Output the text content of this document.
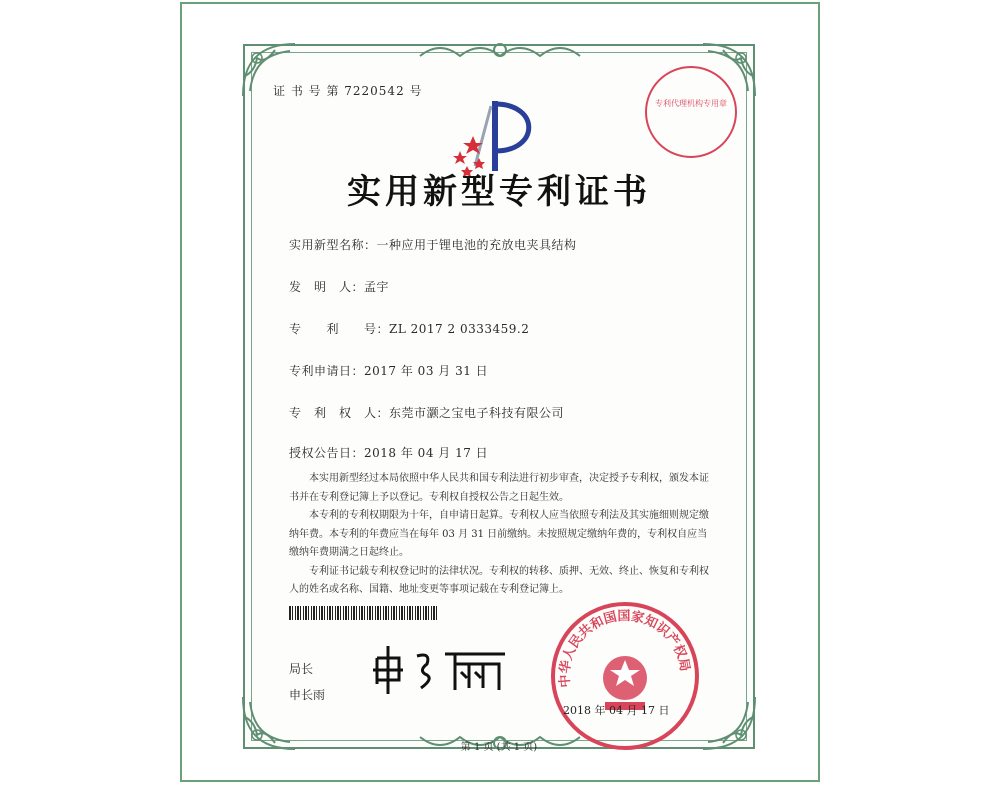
证 书 号 第 7220542 号
专利代理机构专用章
实用新型专利证书
实用新型名称：一种应用于锂电池的充放电夹具结构
发　明　人：孟宇
专　　利　　号：ZL 2017 2 0333459.2
专利申请日：2017 年 03 月 31 日
专　利　权　人：东莞市灏之宝电子科技有限公司
授权公告日：2018 年 04 月 17 日

本实用新型经过本局依照中华人民共和国专利法进行初步审查，决定授予专利权，颁发本证书并在专利登记簿上予以登记。专利权自授权公告之日起生效。

本专利的专利权期限为十年，自申请日起算。专利权人应当依照专利法及其实施细则规定缴纳年费。本专利的年费应当在每年 03 月 31 日前缴纳。未按照规定缴纳年费的，专利权自应当缴纳年费期满之日起终止。

专利证书记载专利权登记时的法律状况。专利权的转移、质押、无效、终止、恢复和专利权人的姓名或名称、国籍、地址变更等事项记载在专利登记簿上。

局长
申长雨
中华人民共和国国家知识产权局
2018 年 04 月 17 日
第 1 页 (共 1 页)
